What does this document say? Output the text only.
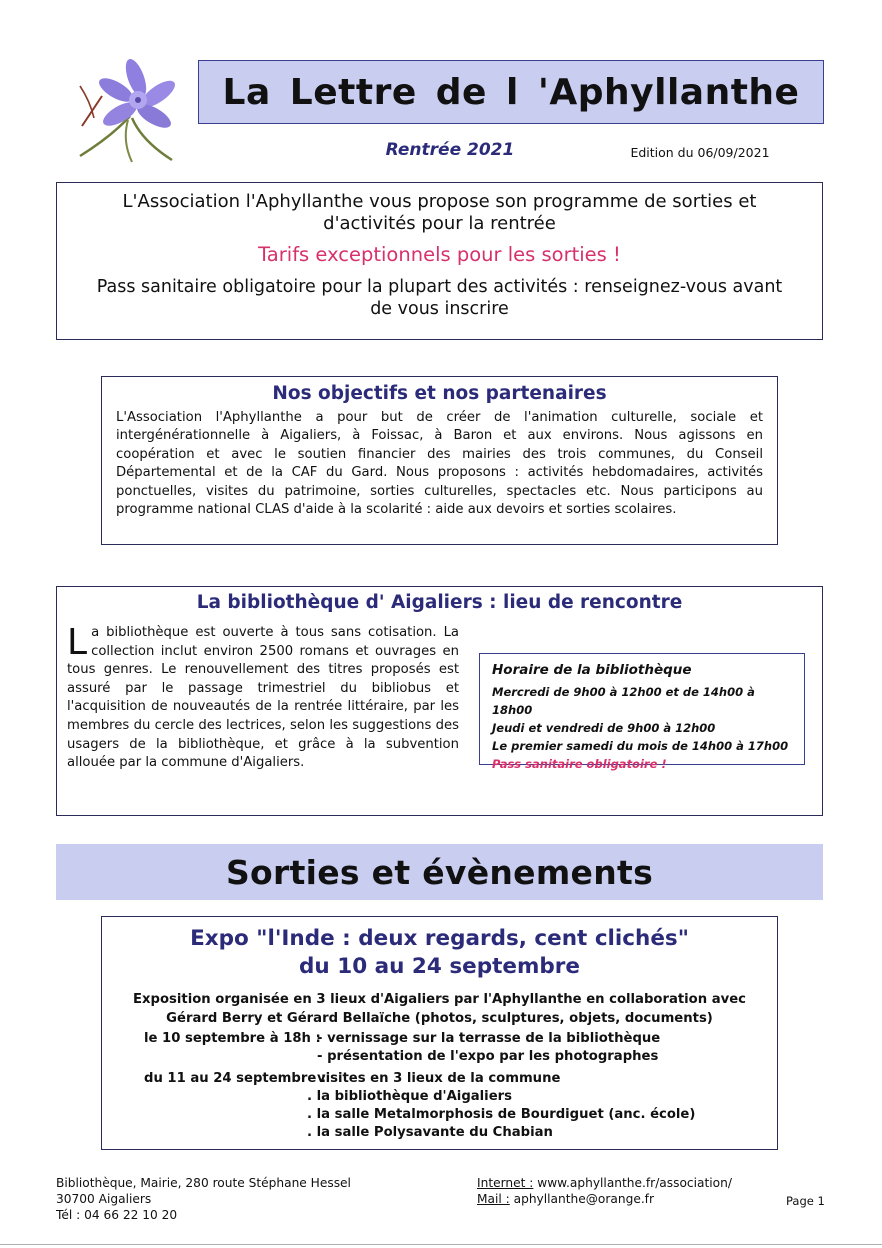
La Lettre de l 'Aphyllanthe
Rentrée 2021	Edition du 06/09/2021
L'Association l'Aphyllanthe vous propose son programme de sorties et d'activités pour la rentrée
Tarifs exceptionnels pour les sorties !
Pass sanitaire obligatoire pour la plupart des activités : renseignez-vous avant de vous inscrire
Nos objectifs et nos partenaires

L'Association l'Aphyllanthe a pour but de créer de l'animation culturelle, sociale et intergénérationnelle à Aigaliers, à Foissac, à Baron et aux environs. Nous agissons en coopération et avec le soutien financier des mairies des trois communes, du Conseil Départemental et de la CAF du Gard. Nous proposons : activités hebdomadaires, activités ponctuelles, visites du patrimoine, sorties culturelles, spectacles etc. Nous participons au programme national CLAS d'aide à la scolarité : aide aux devoirs et sorties scolaires.

La bibliothèque d' Aigaliers : lieu de rencontre
La bibliothèque est ouverte à tous sans cotisation. La collection inclut environ 2500 romans et ouvrages en tous genres. Le renouvellement des titres proposés est assuré par le passage trimestriel du bibliobus et l'acquisition de nouveautés de la rentrée littéraire, par les membres du cercle des lectrices, selon les suggestions des usagers de la bibliothèque, et grâce à la subvention allouée par la commune d'Aigaliers.
Horaire de la bibliothèque
Mercredi de 9h00 à 12h00 et de 14h00 à 18h00
Jeudi et vendredi de 9h00 à 12h00
Le premier samedi du mois de 14h00 à 17h00
Pass sanitaire obligatoire !
Sorties et évènements
Expo "l'Inde : deux regards, cent clichés"
du 10 au 24 septembre
Exposition organisée en 3 lieux d'Aigaliers par l'Aphyllanthe en collaboration avec
Gérard Berry et Gérard Bellaïche (photos, sculptures, objets, documents)
le 10 septembre à 18h :
- vernissage sur la terrasse de la bibliothèque
- présentation de l'expo par les photographes
du 11 au 24 septembre :
visites en 3 lieux de la commune
. la bibliothèque d'Aigaliers
. la salle Metalmorphosis de Bourdiguet (anc. école)
. la salle Polysavante du Chabian
Bibliothèque, Mairie, 280 route Stéphane Hessel
30700 Aigaliers
Tél : 04 66 22 10 20
Internet : www.aphyllanthe.fr/association/
Mail : aphyllanthe@orange.fr	Page 1
